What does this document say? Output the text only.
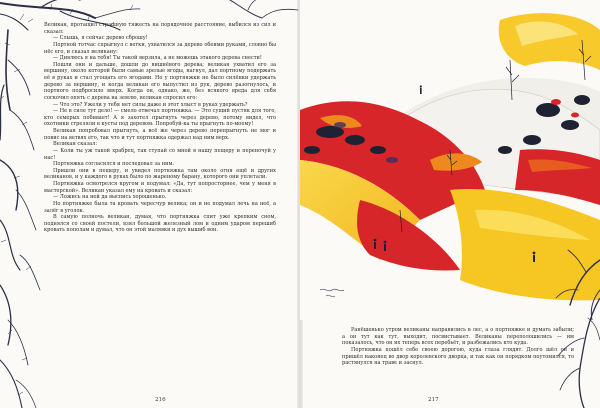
Великан, протащил страшную тяжесть на порядочное расстояние, выбился из сил и сказал:

— Слышь, я сейчас дерево сброшу!

Портной тотчас спрыгнул с ветки, ухватился за дерево обеими руками, словно бы нёс его, и сказал великану:

— Дивлюсь я на тебя! Ты такой верзила, а не можешь этакого дерева снести!

Пошли они и дальше, дошли до вишнёвого дерева; великан ухватил его за вершину, около которой были самые зрелые ягоды, нагнул, дал портному подержать её в руках и стал угощать его ягодами. Но у портняжки не было силёнки удержать дерево за вершину, и когда великан его выпустил из рук, дерево разогнулось, и портного подбросило вверх. Когда он, однако, же, без всякого вреда для себя соскочил опять с дерева на землю, великан спросил его:

— Что это? Ужели у тебя нет силы даже и этот хлыст в руках удержать?

— Не в силе тут дело! — смело отвечал портняжка. — Это сущий пустяк для того, кто семерых побивает! А я захотел прыгнуть через дерево, потому видел, что охотники стреляли в кусты под деревом. Попробуй-ка ты прыгнуть по-моему!

Великан попробовал прыгнуть, а всё же через дерево перепрыгнуть не мог и повис на ветвях его, так что и тут портняжка одержал над ним верх.

Великан сказал:

— Коли ты уж такой храбрец, так ступай со мной в нашу пещеру и переночуй у нас!

Портняжка согласился и последовал за ним.

Пришли они в пещеру, и увидел портняжка там около огня ещё и других великанов, и у каждого в руках было по жареному барану, которого они уплетали.

Портняжка осмотрелся кругом и подумал: «Да, тут попросторнее, чем у меня в мастерской». Великан указал ему на кровать и сказал:

— Ложись на ней да выспись хорошенько.

Но портняжке была та кровать чересчур велика; он и не подумал лечь на неё, а залёг в уголок.

В самую полночь великан, думая, что портняжка спит уже крепким сном, поднялся со своей постели, взял большой железный лом и одним ударом перешиб кровать пополам и думал, что он этой малявки и дух вышиб вон.

216

Ранёшенько утром великаны направились в лес, а о портняжке и думать забыли; а он тут как тут, выходит, посвистывает. Великаны переполошились — им показалось, что он их теперь всех перебьёт, и разбежались кто куда.

Портняжка пошёл себе своею дорогою, куда глаза глядят. Долго шёл он и пришёл наконец во двор королевского дворца, и так как он порядком поутомился, то растянулся на траве и заснул.

217
